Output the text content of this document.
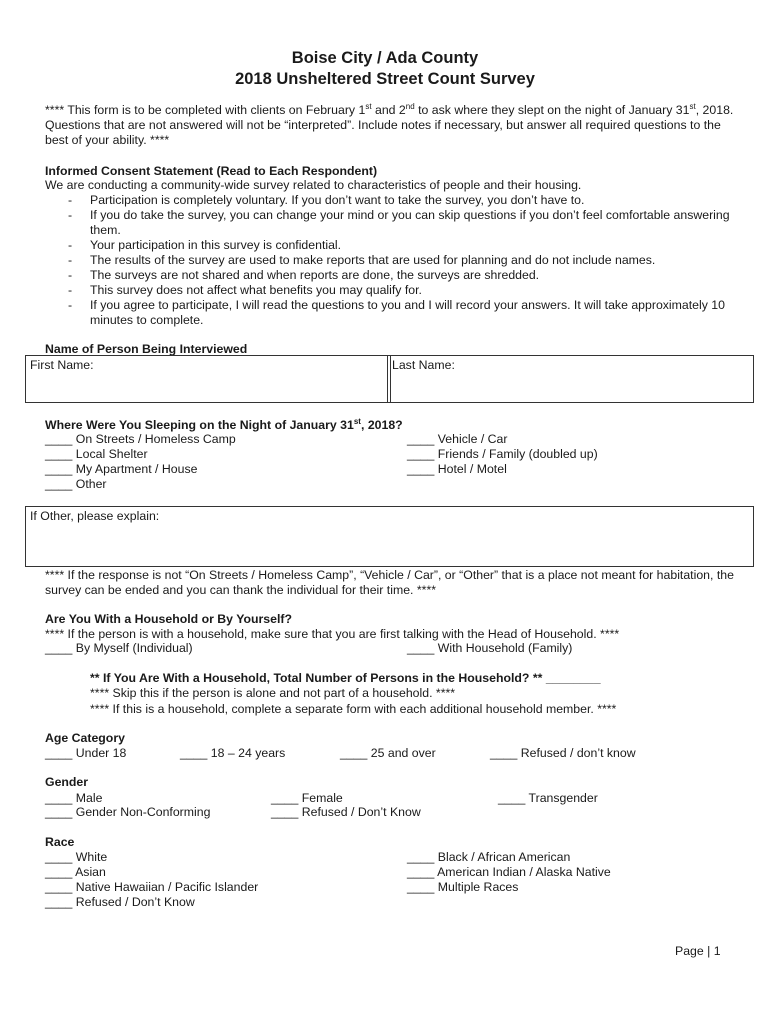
Boise City / Ada County
2018 Unsheltered Street Count Survey
**** This form is to be completed with clients on February 1st and 2nd to ask where they slept on the night of January 31st, 2018. Questions that are not answered will not be “interpreted”. Include notes if necessary, but answer all required questions to the best of your ability. ****
Informed Consent Statement (Read to Each Respondent)
We are conducting a community-wide survey related to characteristics of people and their housing.
- Participation is completely voluntary. If you don’t want to take the survey, you don’t have to.
- If you do take the survey, you can change your mind or you can skip questions if you don’t feel comfortable answering them.
- Your participation in this survey is confidential.
- The results of the survey are used to make reports that are used for planning and do not include names.
- The surveys are not shared and when reports are done, the surveys are shredded.
- This survey does not affect what benefits you may qualify for.
- If you agree to participate, I will read the questions to you and I will record your answers. It will take approximately 10 minutes to complete.
Name of Person Being Interviewed
First Name:	Last Name:
Where Were You Sleeping on the Night of January 31st, 2018?
____ On Streets / Homeless Camp
____ Local Shelter
____ My Apartment / House
____ Other
____ Vehicle / Car
____ Friends / Family (doubled up)
____ Hotel / Motel
If Other, please explain:
**** If the response is not “On Streets / Homeless Camp”, “Vehicle / Car”, or “Other” that is a place not meant for habitation, the survey can be ended and you can thank the individual for their time. ****
Are You With a Household or By Yourself?
**** If the person is with a household, make sure that you are first talking with the Head of Household. ****
____ By Myself (Individual)	____ With Household (Family)
** If You Are With a Household, Total Number of Persons in the Household? ** ________
**** Skip this if the person is alone and not part of a household. ****
**** If this is a household, complete a separate form with each additional household member. ****
Age Category
____ Under 18	____ 18 – 24 years	____ 25 and over	____ Refused / don’t know
Gender
____ Male
____ Gender Non-Conforming
____ Female
____ Refused / Don’t Know
____ Transgender
Race
____ White
____ Asian
____ Native Hawaiian / Pacific Islander
____ Refused / Don’t Know
____ Black / African American
____ American Indian / Alaska Native
____ Multiple Races
Page | 1
